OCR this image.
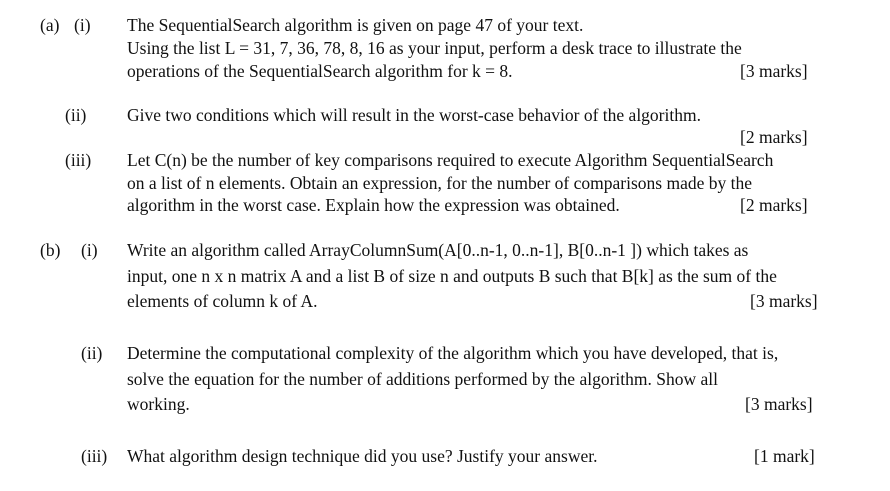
(a) (i) The SequentialSearch algorithm is given on page 47 of your text.
Using the list L = 31, 7, 36, 78, 8, 16 as your input, perform a desk trace to illustrate the
operations of the SequentialSearch algorithm for k = 8.	[3 marks]
(ii) Give two conditions which will result in the worst-case behavior of the algorithm.
[2 marks]
(iii) Let C(n) be the number of key comparisons required to execute Algorithm SequentialSearch
on a list of n elements. Obtain an expression, for the number of comparisons made by the
algorithm in the worst case. Explain how the expression was obtained.	[2 marks]
(b) (i) Write an algorithm called ArrayColumnSum(A[0..n-1, 0..n-1], B[0..n-1 ]) which takes as
input, one n x n matrix A and a list B of size n and outputs B such that B[k] as the sum of the
elements of column k of A.	[3 marks]
(ii) Determine the computational complexity of the algorithm which you have developed, that is,
solve the equation for the number of additions performed by the algorithm. Show all
working.	[3 marks]
(iii) What algorithm design technique did you use? Justify your answer.	[1 mark]
